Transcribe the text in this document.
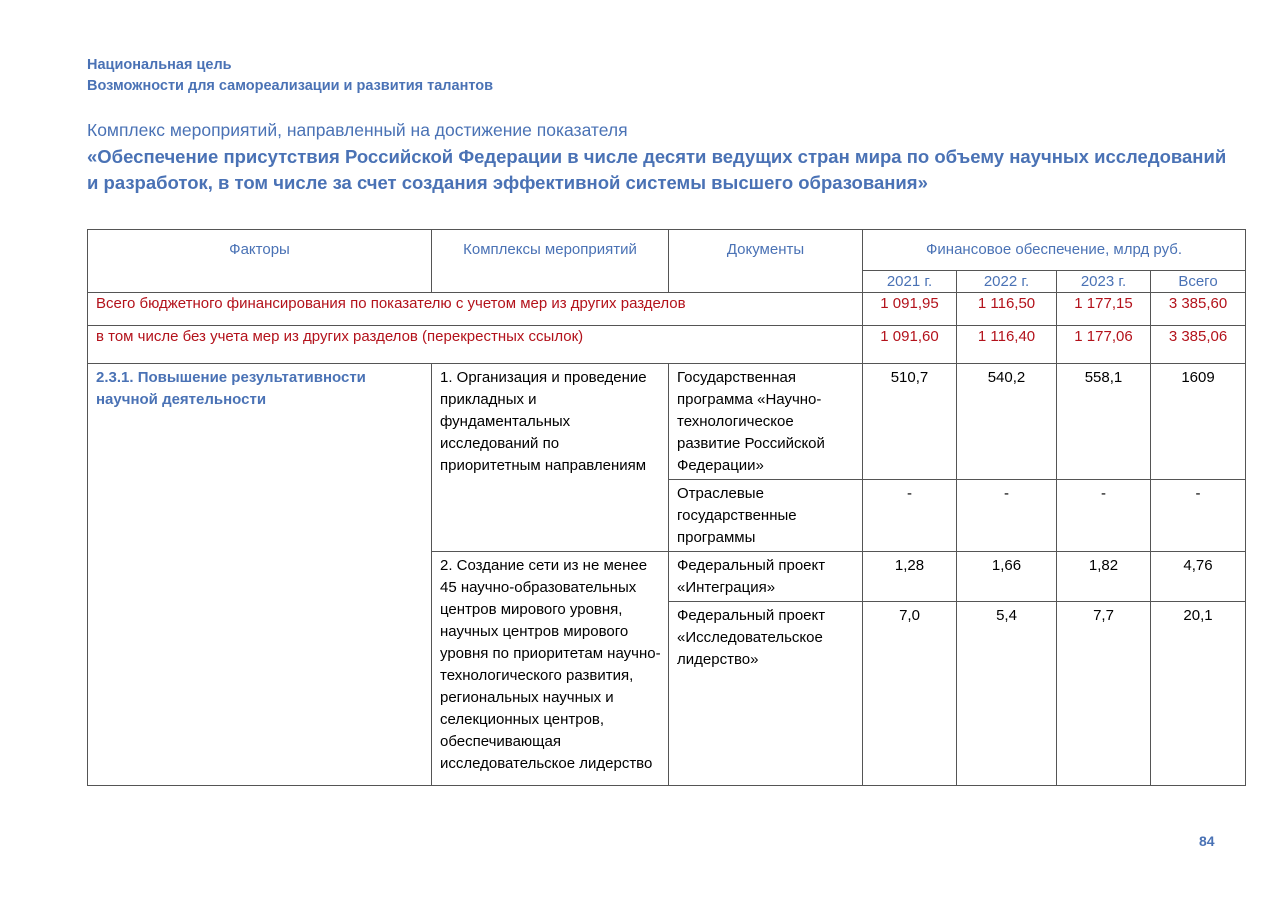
Национальная цель
Возможности для самореализации и развития талантов
Комплекс мероприятий, направленный на достижение показателя
«Обеспечение присутствия Российской Федерации в числе десяти ведущих стран мира по объему научных исследований и разработок, в том числе за счет создания эффективной системы высшего образования»
Факторы	Комплексы мероприятий	Документы	Финансовое обеспечение, млрд руб.			
			2021 г.	2022 г.	2023 г.	Всего
Всего бюджетного финансирования по показателю с учетом мер из других разделов			1 091,95	1 116,50	1 177,15	3 385,60
в том числе без учета мер из других разделов (перекрестных ссылок)			1 091,60	1 116,40	1 177,06	3 385,06
2.3.1. Повышение результативности научной деятельности	1. Организация и проведение прикладных и фундаментальных исследований по приоритетным направлениям	Государственная программа «Научно-технологическое развитие Российской Федерации»	510,7	540,2	558,1	1609
		Отраслевые государственные программы	-	-	-	-
	2. Создание сети из не менее 45 научно-образовательных центров мирового уровня, научных центров мирового уровня по приоритетам научно-технологического развития, региональных научных и селекционных центров, обеспечивающая исследовательское лидерство	Федеральный проект «Интеграция»	1,28	1,66	1,82	4,76
		Федеральный проект «Исследовательское лидерство»	7,0	5,4	7,7	20,1
84
